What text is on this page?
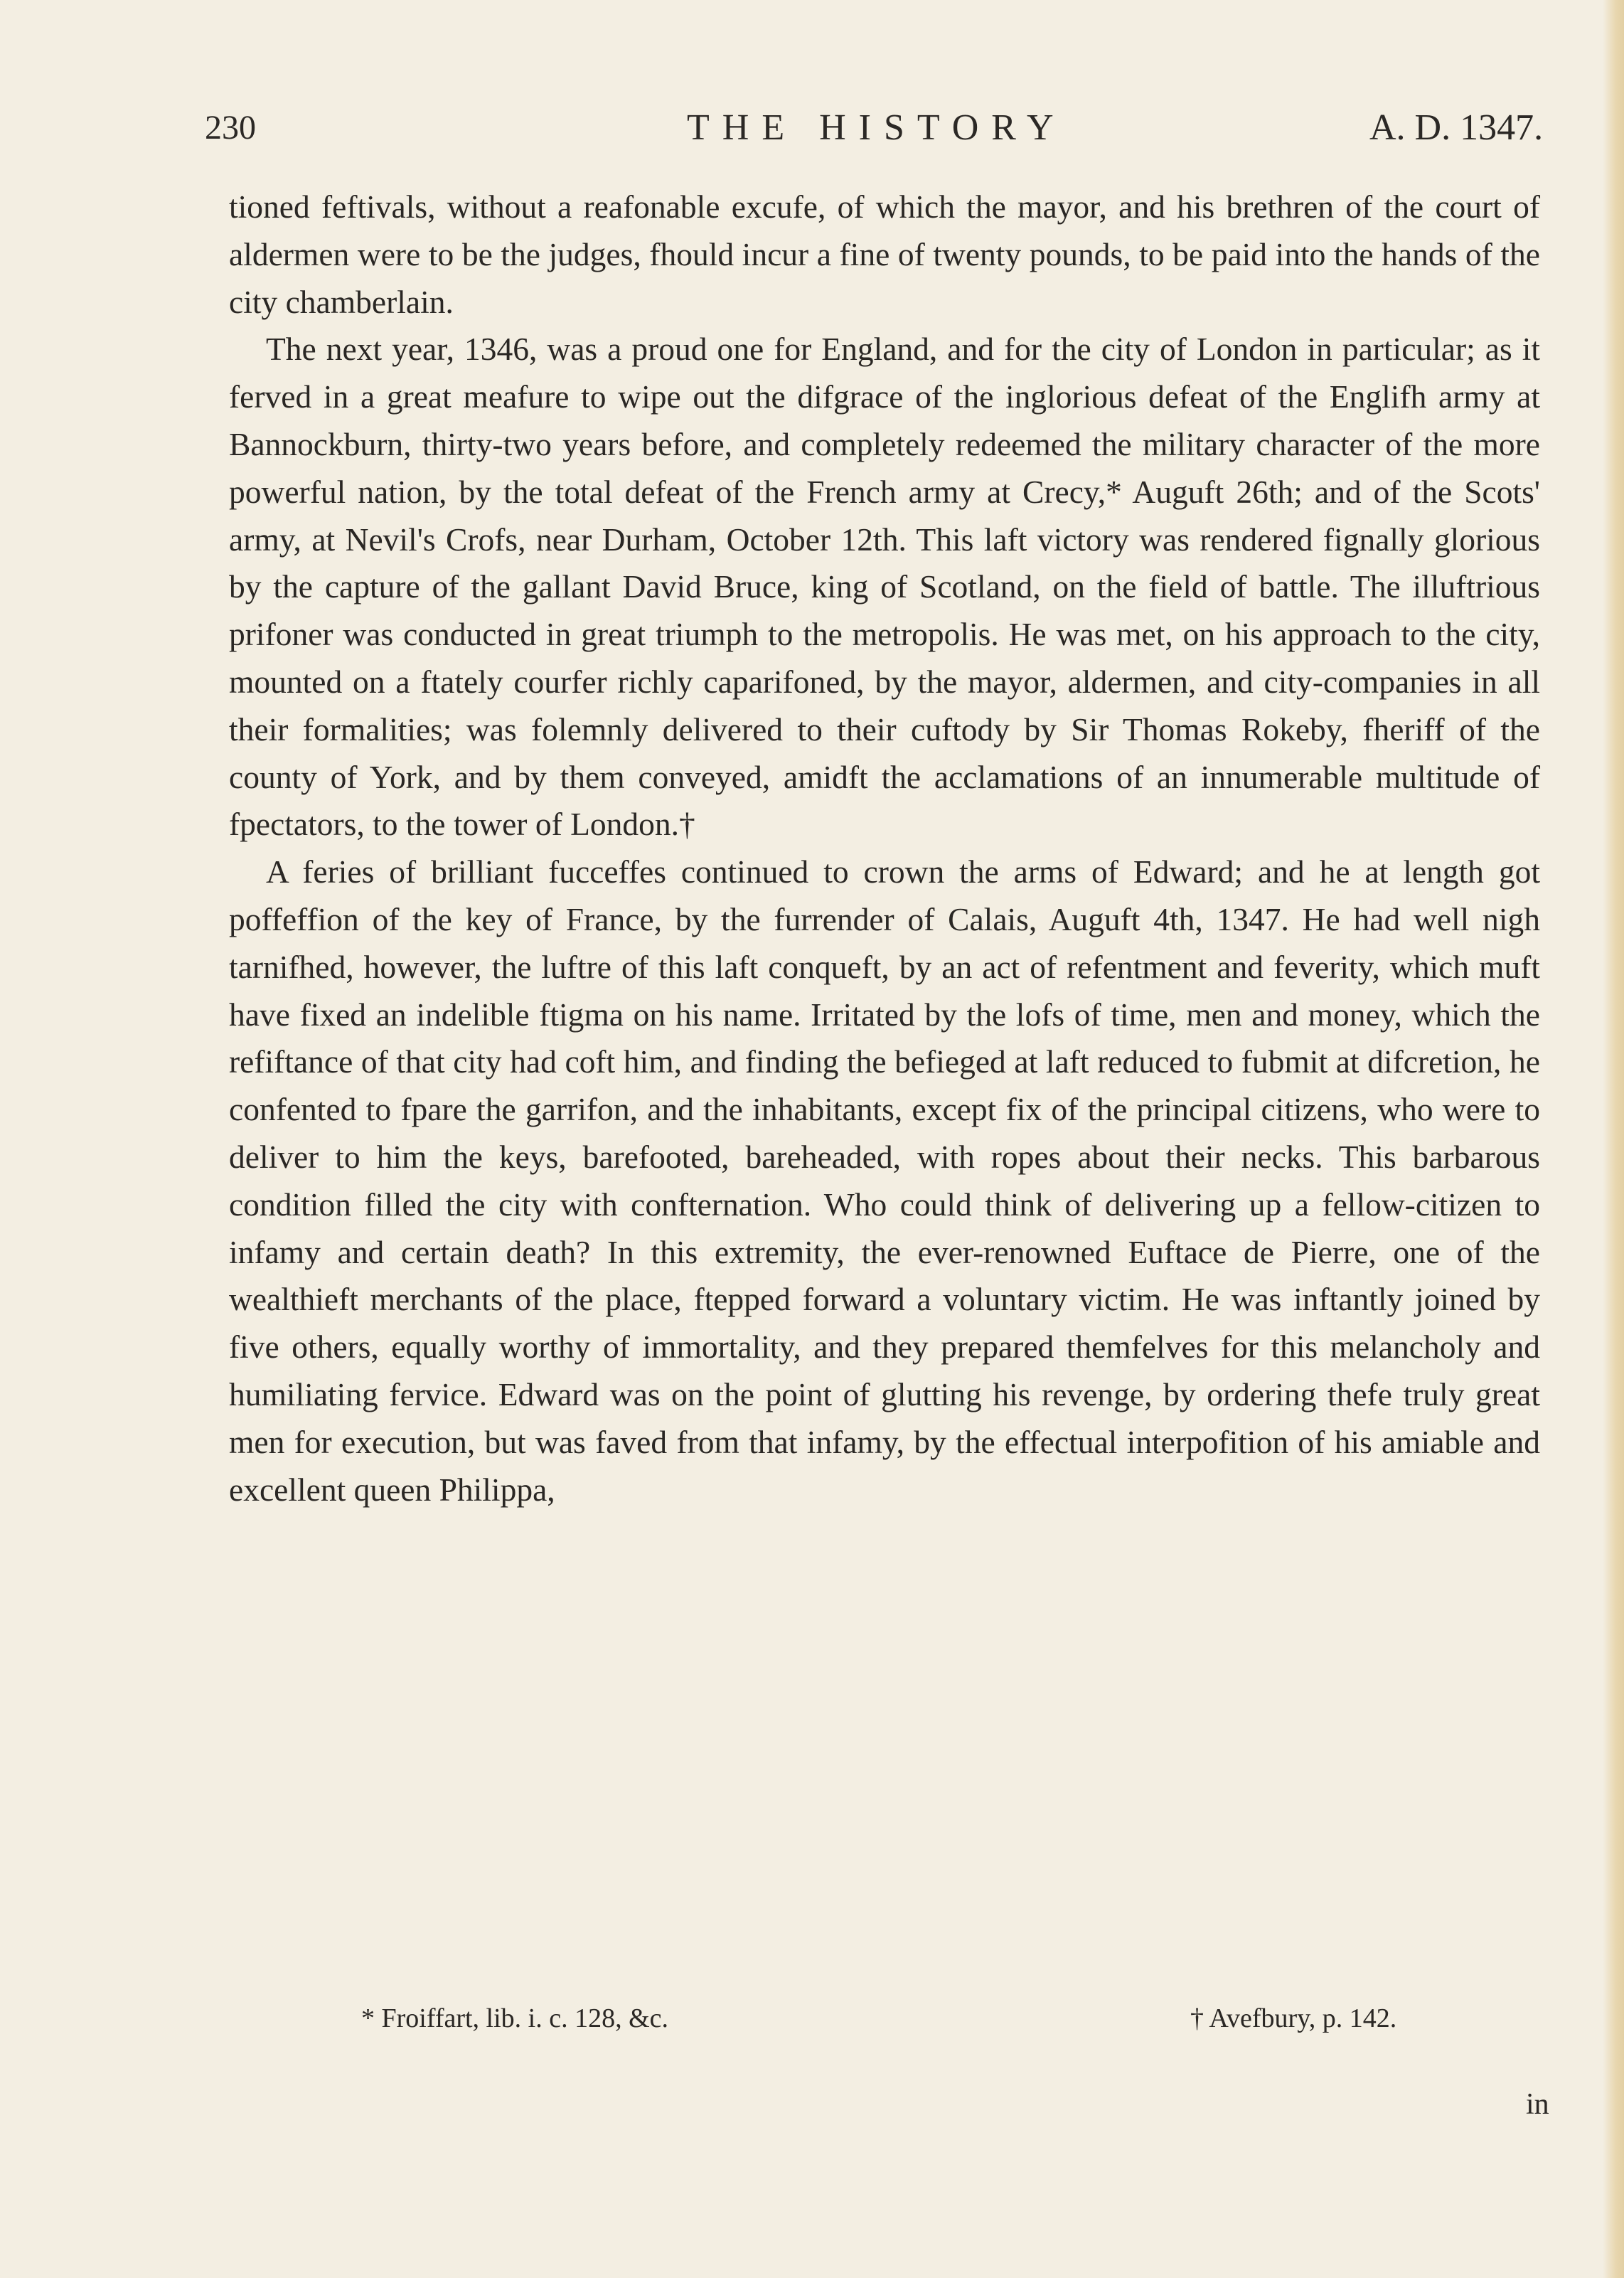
230	THE HISTORY	A. D. 1347.

tioned feftivals, without a reafonable excufe, of which the mayor, and his brethren of the court of aldermen were to be the judges, fhould incur a fine of twenty pounds, to be paid into the hands of the city chamberlain.

The next year, 1346, was a proud one for England, and for the city of London in particular; as it ferved in a great meafure to wipe out the difgrace of the inglorious defeat of the Englifh army at Bannockburn, thirty-two years before, and completely redeemed the military character of the more powerful nation, by the total defeat of the French army at Crecy,* Auguft 26th; and of the Scots' army, at Nevil's Crofs, near Durham, October 12th. This laft victory was rendered fignally glorious by the capture of the gallant David Bruce, king of Scotland, on the field of battle. The illuftrious prifoner was conducted in great triumph to the metropolis. He was met, on his approach to the city, mounted on a ftately courfer richly caparifoned, by the mayor, aldermen, and city-companies in all their formalities; was folemnly delivered to their cuftody by Sir Thomas Rokeby, fheriff of the county of York, and by them conveyed, amidft the acclamations of an innumerable multitude of fpectators, to the tower of London.†

A feries of brilliant fucceffes continued to crown the arms of Edward; and he at length got poffeffion of the key of France, by the furrender of Calais, Auguft 4th, 1347. He had well nigh tarnifhed, however, the luftre of this laft conqueft, by an act of refentment and feverity, which muft have fixed an indelible ftigma on his name. Irritated by the lofs of time, men and money, which the refiftance of that city had coft him, and finding the befieged at laft reduced to fubmit at difcretion, he confented to fpare the garrifon, and the inhabitants, except fix of the principal citizens, who were to deliver to him the keys, barefooted, bareheaded, with ropes about their necks. This barbarous condition filled the city with confternation. Who could think of delivering up a fellow-citizen to infamy and certain death? In this extremity, the ever-renowned Euftace de Pierre, one of the wealthieft merchants of the place, ftepped forward a voluntary victim. He was inftantly joined by five others, equally worthy of immortality, and they prepared themfelves for this melancholy and humiliating fervice. Edward was on the point of glutting his revenge, by ordering thefe truly great men for execution, but was faved from that infamy, by the effectual interpofition of his amiable and excellent queen Philippa,

* Froiffart, lib. i. c. 128, &c.	† Avefbury, p. 142.
in
